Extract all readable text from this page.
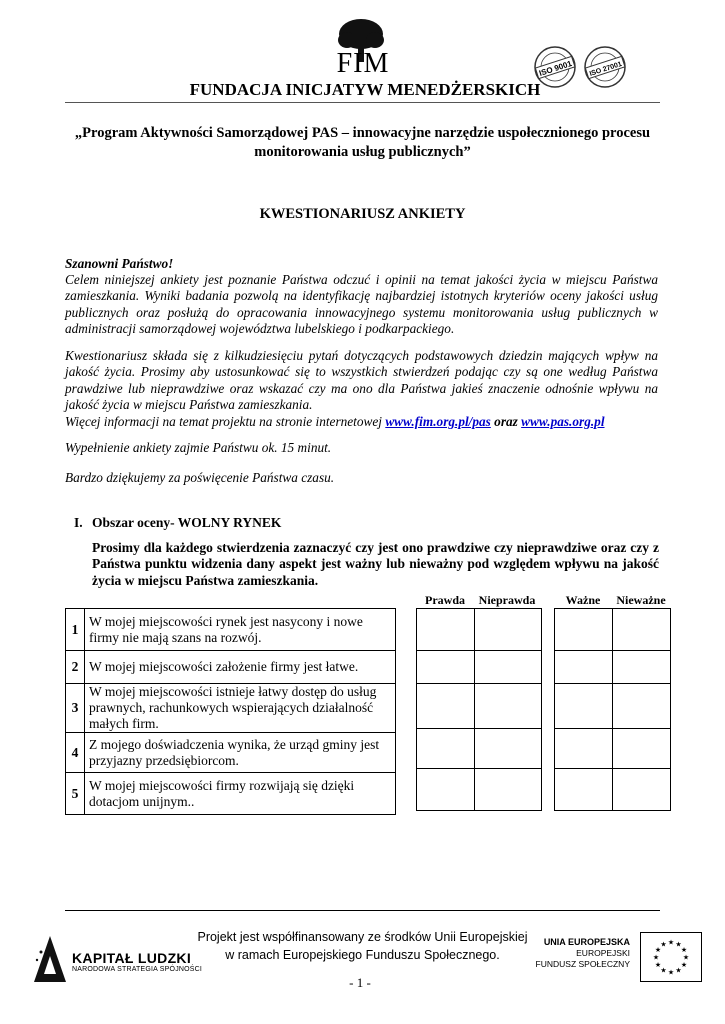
FIM
FUNDACJA INICJATYW MENEDŻERSKICH
ISO 9001 ISO 27001
„Program Aktywności Samorządowej PAS – innowacyjne narzędzie uspołecznionego procesu monitorowania usług publicznych”
KWESTIONARIUSZ ANKIETY
Szanowni Państwo!
Celem niniejszej ankiety jest poznanie Państwa odczuć i opinii na temat jakości życia w miejscu Państwa zamieszkania. Wyniki badania pozwolą na identyfikację najbardziej istotnych kryteriów oceny jakości usług publicznych oraz posłużą do opracowania innowacyjnego systemu monitorowania usług publicznych w administracji samorządowej województwa lubelskiego i podkarpackiego.

Kwestionariusz składa się z kilkudziesięciu pytań dotyczących podstawowych dziedzin mających wpływ na jakość życia. Prosimy aby ustosunkować się to wszystkich stwierdzeń podając czy są one według Państwa prawdziwe lub nieprawdziwe oraz wskazać czy ma ono dla Państwa jakieś znaczenie odnośnie wpływu na jakość życia w miejscu Państwa zamieszkania.

Więcej informacji na temat projektu na stronie internetowej www.fim.org.pl/pas oraz www.pas.org.pl

Wypełnienie ankiety zajmie Państwu ok. 15 minut.
Bardzo dziękujemy za poświęcenie Państwa czasu.
I. Obszar oceny- WOLNY RYNEK
Prosimy dla każdego stwierdzenia zaznaczyć czy jest ono prawdziwe czy nieprawdziwe oraz czy z Państwa punktu widzenia dany aspekt jest ważny lub nieważny pod względem wpływu na jakość życia w miejscu Państwa zamieszkania.
Prawda	Nieprawda	Ważne	Nieważne
1	W mojej miejscowości rynek jest nasycony i nowe firmy nie mają szans na rozwój.
2	W mojej miejscowości założenie firmy jest łatwe.
3	W mojej miejscowości istnieje łatwy dostęp do usług prawnych, rachunkowych wspierających działalność małych firm.
4	Z mojego doświadczenia wynika, że urząd gminy jest przyjazny przedsiębiorcom.
5	W mojej miejscowości firmy rozwijają się dzięki dotacjom unijnym..

KAPITAŁ LUDZKI
NARODOWA STRATEGIA SPÓJNOŚCI
Projekt jest współfinansowany ze środków Unii Europejskiej
w ramach Europejskiego Funduszu Społecznego.
- 1 -
UNIA EUROPEJSKA
EUROPEJSKI
FUNDUSZ SPOŁECZNY
★ ★
★
★
★
★
★
★
★
★
★
★
